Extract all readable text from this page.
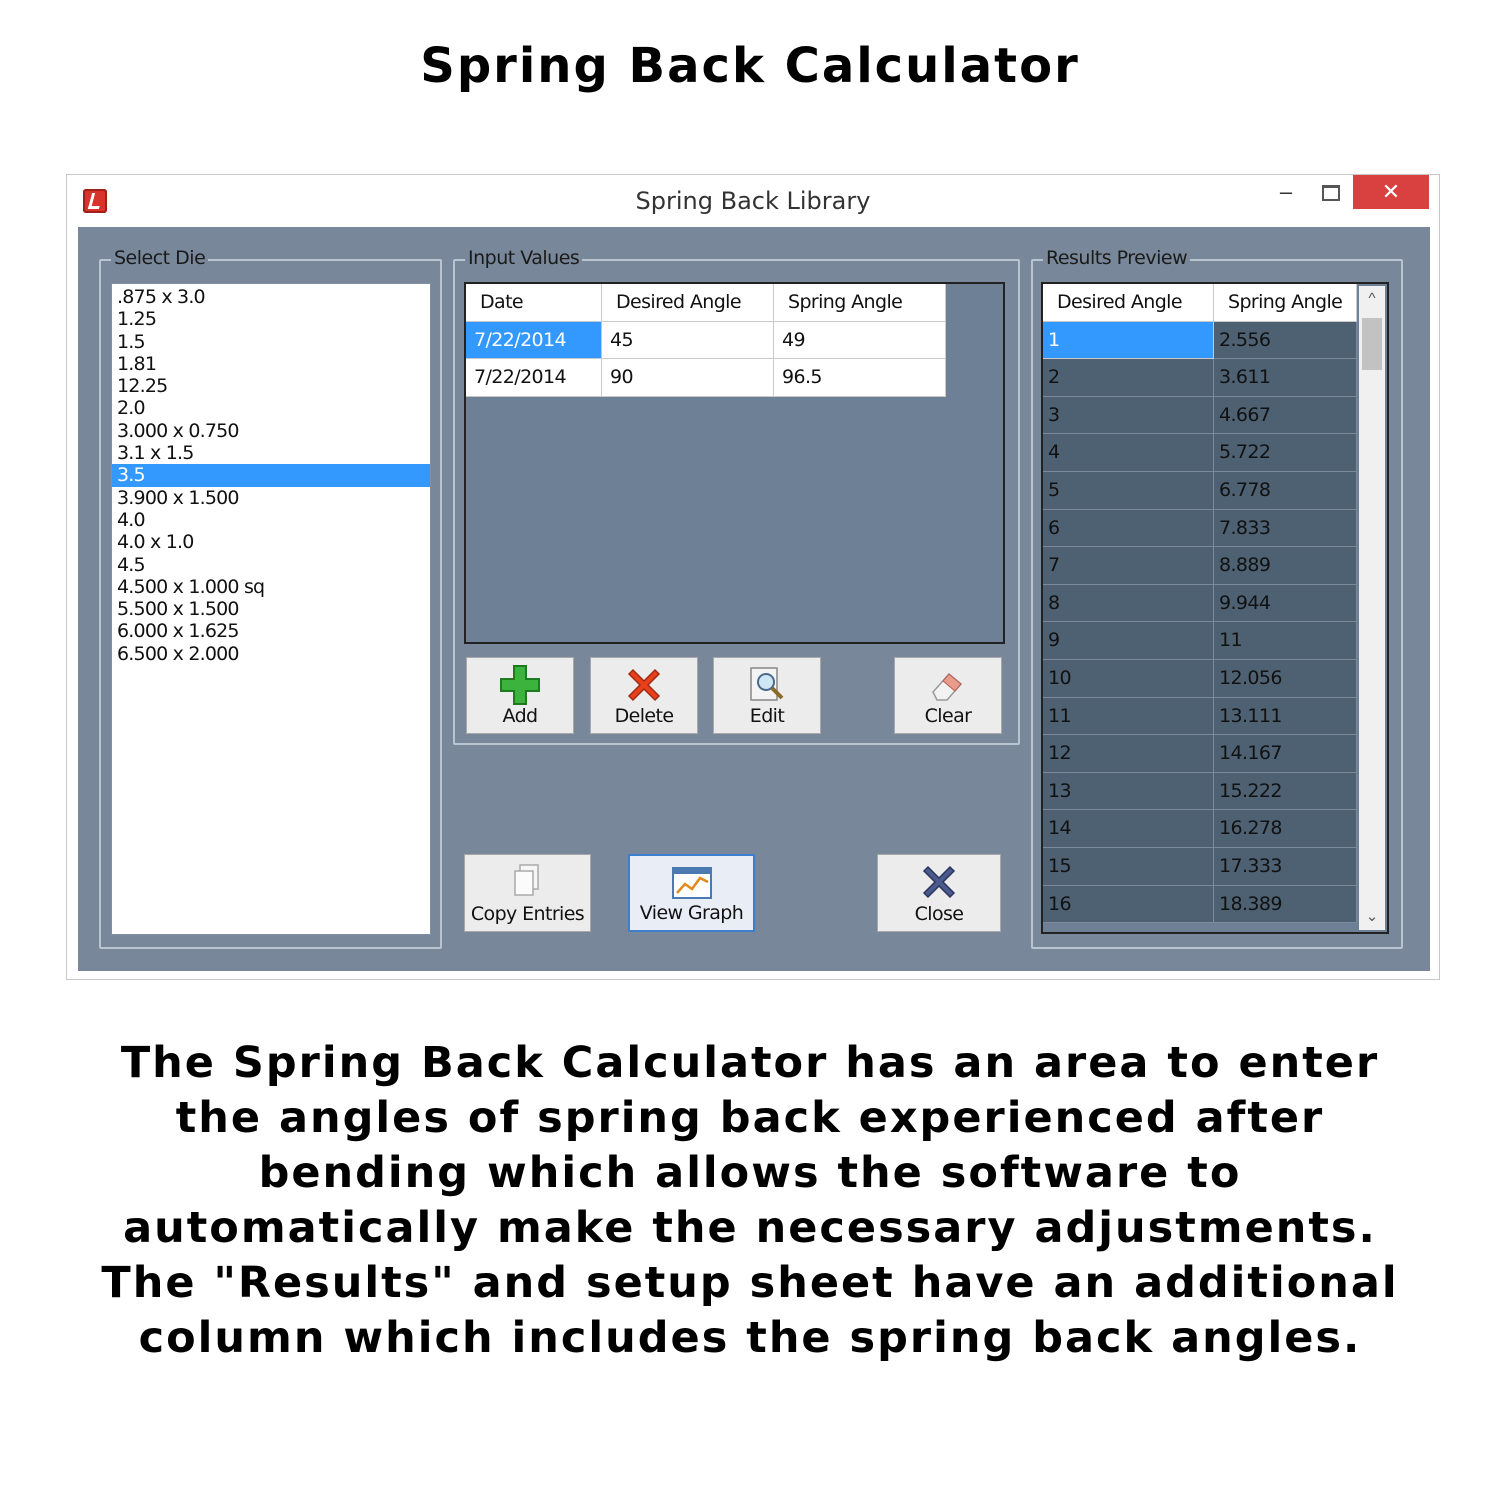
Spring Back Calculator
Spring Back Library	–	✕
Select Die
.875 x 3.0
1.25
1.5
1.81
12.25
2.0
3.000 x 0.750
3.1 x 1.5
3.5
3.900 x 1.500
4.0
4.0 x 1.0
4.5
4.500 x 1.000 sq
5.500 x 1.500
6.000 x 1.625
6.500 x 2.000
Input Values
Date	Desired Angle	Spring Angle
7/22/2014	45	49
7/22/2014	90	96.5
Add	Delete	Edit	Clear
Copy Entries	View Graph	Close
Results Preview
Desired Angle	Spring Angle
1	2.556
2	3.611
3	4.667
4	5.722
5	6.778
6	7.833
7	8.889
8	9.944
9	11
10	12.056
11	13.111
12	14.167
13	15.222
14	16.278
15	17.333
16	18.389
^
⌄
The Spring Back Calculator has an area to enter the angles of spring back experienced after bending which allows the software to automatically make the necessary adjustments. The "Results" and setup sheet have an additional column which includes the spring back angles.
